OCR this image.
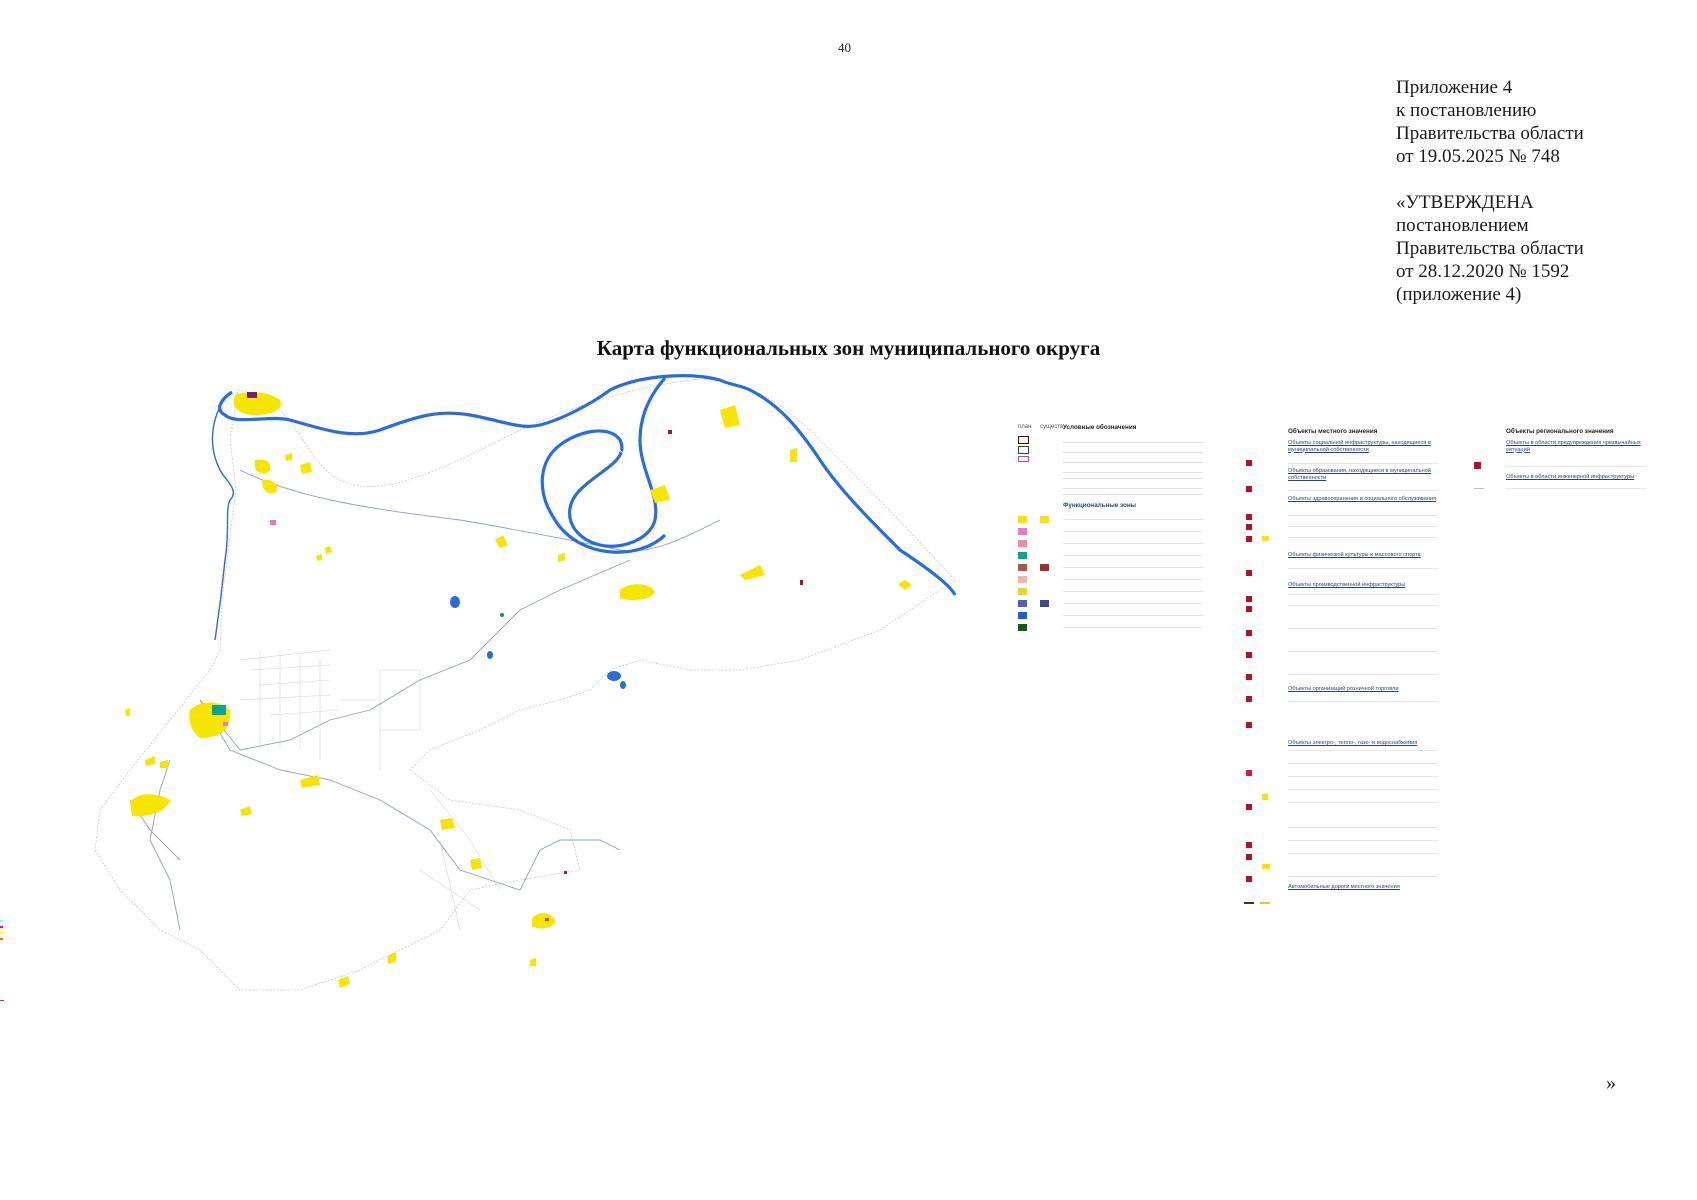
40
Приложение 4
к постановлению
Правительства области
от 19.05.2025 № 748
«УТВЕРЖДЕНА
постановлением
Правительства области
от 28.12.2020 № 1592
(приложение 4)
Карта функциональных зон муниципального округа
план существ.
Условные обозначения
Функциональные зоны
Объекты местного значения
Объекты социальной инфраструктуры, находящиеся в муниципальной собственности
Объекты образования, находящиеся в муниципальной собственности
Объекты здравоохранения и социального обслуживания
Объекты физической культуры и массового спорта
Объекты производственной инфраструктуры
Объекты организаций розничной торговли
Объекты электро-, тепло-, газо- и водоснабжения
Автомобильные дороги местного значения
Объекты регионального значения
Объекты в области предупреждения чрезвычайных ситуаций
Объекты в области инженерной инфраструктуры
»
